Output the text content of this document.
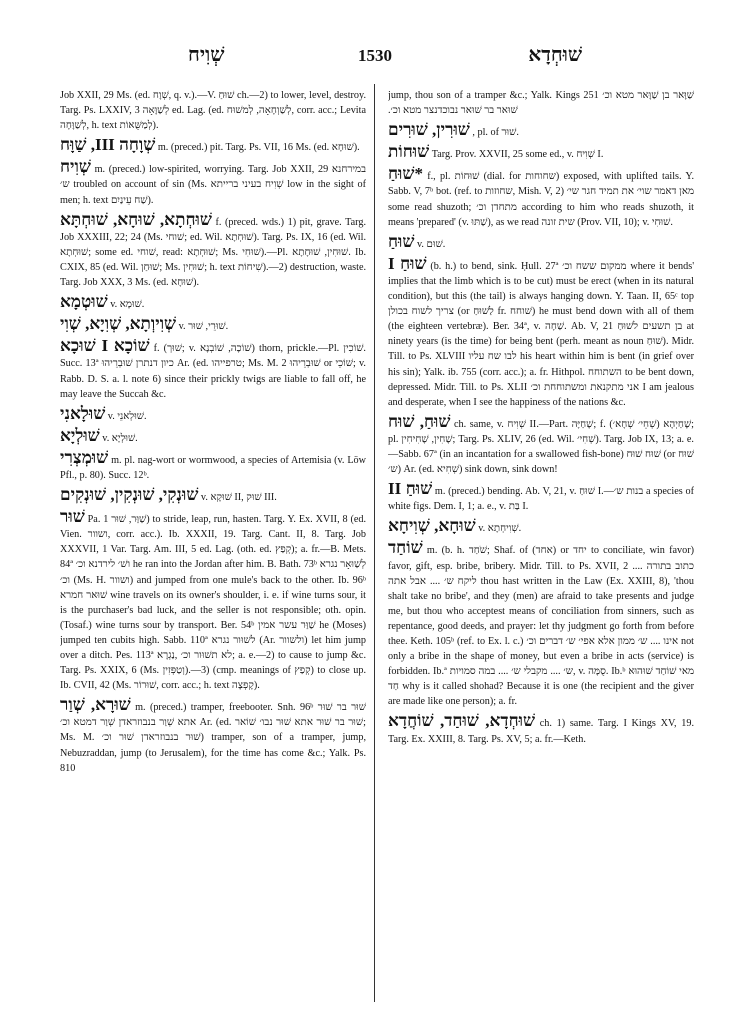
שְׁוִיח	1530	שׁוּחְדָא

Job XXII, 29 Ms. (ed. שְׁוָח, q. v.).—V. שׁוּחַ ch.—2) to lower, level, destroy. Targ. Ps. LXXIV, 3 לְשַׁוָּאָה ed. Lag. (ed. לְשַׁוְחָאָה, לְמשׁוּח, corr. acc.; Levita לְשַׁוָּחָה, h. text לְמַשֻּׁאוֹת).

שְׁוָחָה III, שַׁוָּח m. (preced.) pit. Targ. Ps. VII, 16 Ms. (ed. שׁוּחָא).

שְׁוִיח m. (preced.) low-spirited, worrying. Targ. Job XXII, 29 במירחנא ש׳ troubled on account of sin (Ms. שְׁוִיח בעיני ברייתא low in the sight of men; h. text שַׁח עֵינַיִם).

שׁוּחְתָא, שׁוּחָא, שׁוּחְתָּא f. (preced. wds.) 1) pit, grave. Targ. Job XXXIII, 22; 24 (Ms. שׁוחי; ed. Wil. שׁוּחְתָא). Targ. Ps. IX, 16 (ed. Wil. שׁוּחְתָא; some ed. שׁוחי, read: שׁוּחְתָא; Ms. שׁוּחִי).—Pl. שׁוּחִין, שׁוּחָתָא. Ib. CXIX, 85 (ed. Wil. שׁוּחַן; Ms. שׁוּחִין; h. text שִׁיחוֹת).—2) destruction, waste. Targ. Job XXX, 3 Ms. (ed. שׁוּחָא).

שׁוּטְמָא v. שׁוּמָא.

שְׁוִיוְתָא, שְׁוִיָא, שְׁוִי v. שׁוּרֵי, שׁוּר.

שׁוֹכָא I שׁוּכָא f. (שׁוּך; v. שׁוֹכָה, שׁוֹבְנָא) thorn, prickle.—Pl. שׁוֹכִין. Succ. 13ª כיון דנתרן שׁוּבְרֵיהוּ Ar. (ed. טרפייהו; Ms. M. 2 שׁוּבְרֵיהוּ or שׁוֹכֵי; v. Rabb. D. S. a. l. note 6) since their prickly twigs are liable to fall off, he may leave the Succah &c.

שׁוּלָאנִי v. שׁוּלְאנֵי.

שׁוּלְיָא v. שׁוּלְיָא.

שׁוּמְצְרִי m. pl. nag-wort or wormwood, a species of Artemisia (v. Löw Pfl., p. 80). Succ. 12ᵇ.

שׁוּנְקִי, שׁוּנְקִין, שׁוּנְקִים v. שׁוּקָא II, שׁוּק III.

שׁוּר Pa. שַׁוַּר, שׁוּר 1) to stride, leap, run, hasten. Targ. Y. Ex. XVII, 8 (ed. Vien. ושוור, corr. acc.). Ib. XXXII, 19. Targ. Cant. II, 8. Targ. Job XXXVII, 1 Var. Targ. Am. III, 5 ed. Lag. (oth. ed. קְפַץ); a. fr.—B. Mets. 84ª ושׁ׳ לירדנא וכ׳ he ran into the Jordan after him. B. Bath. 73ᵇ לְשַׁוּאָר נגרא וכ׳ (Ms. H. ושוור) and jumped from one mule's back to the other. Ib. 96ᵇ שׁוּאר חמרא wine travels on its owner's shoulder, i. e. if wine turns sour, it is the purchaser's bad luck, and the seller is not responsible; oth. opin. (Tosaf.) wine turns sour by transport. Ber. 54ᵇ שַׁוַּר עשר אמין he (Moses) jumped ten cubits high. Sabb. 110ª לשׁוּור נגרא (Ar. ולשוור) let him jump over a ditch. Pes. 113ª לא תשׁוּור וכ׳ ,נַגְרָא; a. e.—2) to cause to jump &c. Targ. Ps. XXIX, 6 (Ms. וְטַפְּזִין).—3) (cmp. meanings of קְפַץ) to close up. Ib. CVII, 42 (Ms. שׁוּרוֹר, corr. acc.; h. text קָפְצָה).

שׁוּרָא, שְׁוַר m. (preced.) tramper, freebooter. Snh. 96ᵇ שׁוּר בר שׁוּר אתא שְׁוַר בנבוזראדן שְׁוַר דמטא וכ׳ Ar. (ed. שׁוּר בר שׁוּר אתא שׁוּר נבו׳ שׁוֹאר; Ms. M. שׁוּר בנבוזראדן שׁוּר וכ׳) tramper, son of a tramper, jump, Nebuzraddan, jump (to Jerusalem), for the time has come &c.; Yalk. Ps. 810

שַׁוָּאר בן שַׁוָּאר מטא וכ׳ jump, thou son of a tramper &c.; Yalk. Kings 251 שׁוּאר בר שׁוּאר נבוכדנצר מטא וכ׳.

שׁוּרִין, שׁוּרִים , pl. of שׁוּר.

שׁוּחוֹת Targ. Prov. XXVII, 25 some ed., v. שְׁוִיח I.

*שׁוּחַ f., pl. שׁוּחוֹת (dial. for שחוחות) exposed, with uplifted tails. Y. Sabb. V, 7ᵇ bot. (ref. to שחוזות, Mish. V, 2) מאן דאמר שוי׳ את תמיד חגר שי׳ some read shuzoth; מתחדן וכ׳ according to him who reads shuzoth, it means 'prepared' (v. שַׁתּוּ), as we read שית זונה (Prov. VII, 10); v. שׁוּחִי.

שׁוּחַ v. שׁוּם.

שׁוּחַ I (b. h.) to bend, sink. Ḥull. 27ª ממקום ששח וכ׳ where it bends' implies that the limb which is to be cut) must be erect (when in its natural condition), but this (the tail) is always hanging down. Y. Taan. II, 65ᶜ top צריך לשוח בכולן (or לַשׁוּחַ fr. שׁוחח) he must bend down with all of them (the eighteen vertebræ). Ber. 34ª, v. שַׁחָה. Ab. V, 21 בן תשעים לשׁוּחַ at ninety years (is the time) for being bent (perh. meant as noun שׁוּחַ). Midr. Till. to Ps. XLVIII לבו שח עליו his heart within him is bent (in grief over his sin); Yalk. ib. 755 (corr. acc.); a. fr. Hithpol. השתוחח to be bent down, depressed. Midr. Till. to Ps. XLII אני מתקנאת ומשתוחחת וכ׳ I am jealous and desperate, when I see the happiness of the nations &c.

שׁוּחַ, שׁוּח ch. same, v. שְׁוִיח II.—Part. שָׁחַיָּה; f. שָׁחַיְהָא (שְׁחֵי׳ שְׁחָא׳); pl. שָׁחִין, שָׁחִיחִין; Targ. Ps. XLIV, 26 (ed. Wil. שְׁחִי׳). Targ. Job IX, 13; a. e.—Sabb. 67ª (in an incantation for a swallowed fish-bone) שׁוּח שׁוּח (or שׁוּח ש׳) Ar. (ed. שְׁחִיא) sink down, sink down!

שׁוּחַ II m. (preced.) bending. Ab. V, 21, v. שׁוּחַ I.—בנות ש׳ a species of white figs. Dem. I, 1; a. e., v. בַּת I.

שׁוּחָא, שְׁוִיחָא v. שְׁוִיחְתָא.

שׁוֹחַד m. (b. h. שֹׁחַד; Shaf. of (אחד) or יחד to conciliate, win favor) favor, gift, esp. bribe, bribery. Midr. Till. to Ps. XVII, 2 כתוב בתורה .... ליקח ש׳ .... אבל אתה thou hast written in the Law (Ex. XXIII, 8), 'thou shalt take no bribe', and they (men) are afraid to take presents and judge me, but thou who acceptest means of conciliation from sinners, such as repentance, good deeds, and prayer: let thy judgment go forth from before thee. Keth. 105ᵇ (ref. to Ex. l. c.) אינו .... ש׳ ממון אלא אפי׳ ש׳ דברים וכ׳ not only a bribe in the shape of money, but even a bribe in acts (service) is forbidden. Ib.ª ש׳ .... מקבלי ש׳ .... במה סמויות, v. סֻמָּה. Ib.ᵇ מאי שׁוֹחַד שׁוּהוּא חַד why is it called shohad? Because it is one (the recipient and the giver are made like one person); a. fr.

שׁוּחְדָא, שׁוּחַד, שׁוֹחֲדָא ch. 1) same. Targ. I Kings XV, 19. Targ. Ex. XXIII, 8. Targ. Ps. XV, 5; a. fr.—Keth.
